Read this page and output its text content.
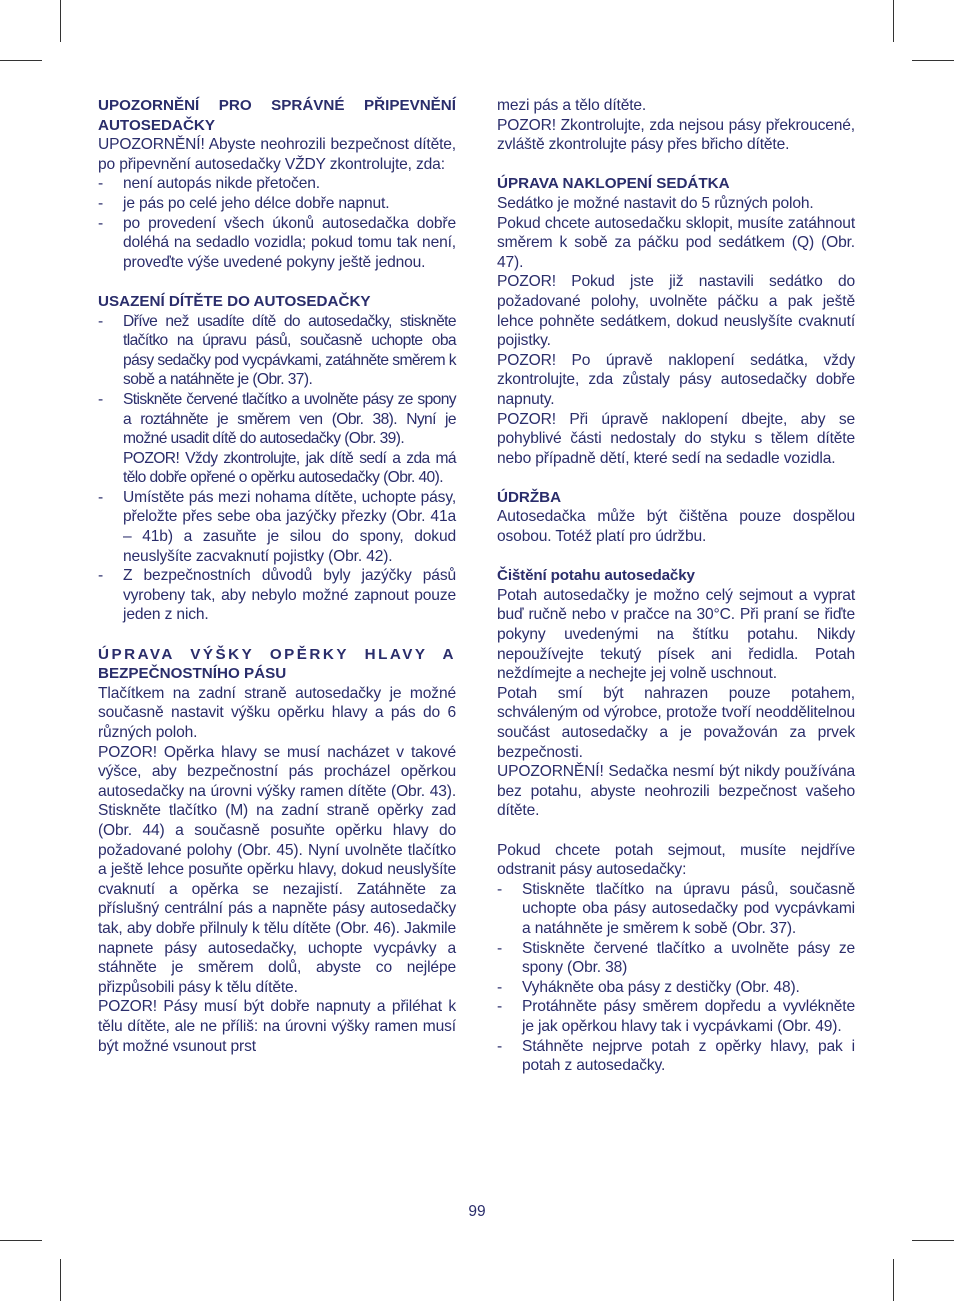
UPOZORNĚNÍ PRO SPRÁVNÉ PŘIPEVNĚNÍ AUTOSEDAČKY

UPOZORNĚNÍ! Abyste neohrozili bezpečnost dítěte, po připevnění autosedačky VŽDY zkontrolujte, zda:

- není autopás nikde přetočen.
- je pás po celé jeho délce dobře napnut.
- po provedení všech úkonů autosedačka dobře doléhá na sedadlo vozidla; pokud tomu tak není, proveďte výše uvedené pokyny ještě jednou.
USAZENÍ DÍTĚTE DO AUTOSEDAČKY
- Dříve než usadíte dítě do autosedačky, stiskněte tlačítko na úpravu pásů, současně uchopte oba pásy sedačky pod vycpávkami, zatáhněte směrem k sobě a natáhněte je (Obr. 37).
- Stiskněte červené tlačítko a uvolněte pásy ze spony a roztáhněte je směrem ven (Obr. 38). Nyní je možné usadit dítě do autosedačky (Obr. 39).
POZOR! Vždy zkontrolujte, jak dítě sedí a zda má tělo dobře opřené o opěrku autosedačky (Obr. 40).
- Umístěte pás mezi nohama dítěte, uchopte pásy, přeložte přes sebe oba jazýčky přezky (Obr. 41a – 41b) a zasuňte je silou do spony, dokud neuslyšíte zacvaknutí pojistky (Obr. 42).
- Z bezpečnostních důvodů byly jazýčky pásů vyrobeny tak, aby nebylo možné zapnout pouze jeden z nich.
ÚPRAVA VÝŠKY OPĚRKY HLAVY A
BEZPEČNOSTNÍHO PÁSU

Tlačítkem na zadní straně autosedačky je možné současně nastavit výšku opěrku hlavy a pás do 6 různých poloh.

POZOR! Opěrka hlavy se musí nacházet v takové výšce, aby bezpečnostní pás procházel opěrkou autosedačky na úrovni výšky ramen dítěte (Obr. 43). Stiskněte tlačítko (M) na zadní straně opěrky zad (Obr. 44) a současně posuňte opěrku hlavy do požadované polohy (Obr. 45). Nyní uvolněte tlačítko a ještě lehce posuňte opěrku hlavy, dokud neuslyšíte cvaknutí a opěrka se nezajistí. Zatáhněte za příslušný centrální pás a napněte pásy autosedačky tak, aby dobře přilnuly k tělu dítěte (Obr. 46). Jakmile napnete pásy autosedačky, uchopte vycpávky a stáhněte je směrem dolů, abyste co nejlépe přizpůsobili pásy k tělu dítěte.

POZOR! Pásy musí být dobře napnuty a přiléhat k tělu dítěte, ale ne příliš: na úrovni výšky ramen musí být možné vsunout prst

mezi pás a tělo dítěte.

POZOR! Zkontrolujte, zda nejsou pásy překroucené, zvláště zkontrolujte pásy přes břicho dítěte.

ÚPRAVA NAKLOPENÍ SEDÁTKA

Sedátko je možné nastavit do 5 různých poloh.

Pokud chcete autosedačku sklopit, musíte zatáhnout směrem k sobě za páčku pod sedátkem (Q) (Obr. 47).

POZOR! Pokud jste již nastavili sedátko do požadované polohy, uvolněte páčku a pak ještě lehce pohněte sedátkem, dokud neuslyšíte cvaknutí pojistky.

POZOR! Po úpravě naklopení sedátka, vždy zkontrolujte, zda zůstaly pásy autosedačky dobře napnuty.

POZOR! Při úpravě naklopení dbejte, aby se pohyblivé části nedostaly do styku s tělem dítěte nebo případně dětí, které sedí na sedadle vozidla.

ÚDRŽBA

Autosedačka může být čištěna pouze dospělou osobou. Totéž platí pro údržbu.

Čištění potahu autosedačky

Potah autosedačky je možno celý sejmout a vyprat buď ručně nebo v pračce na 30°C. Při praní se řiďte pokyny uvedenými na štítku potahu. Nikdy nepoužívejte tekutý písek ani ředidla. Potah neždímejte a nechejte jej volně uschnout.

Potah smí být nahrazen pouze potahem, schváleným od výrobce, protože tvoří neoddělitelnou součást autosedačky a je považován za prvek bezpečnosti.

UPOZORNĚNÍ! Sedačka nesmí být nikdy používána bez potahu, abyste neohrozili bezpečnost vašeho dítěte.

Pokud chcete potah sejmout, musíte nejdříve odstranit pásy autosedačky:

- Stiskněte tlačítko na úpravu pásů, současně uchopte oba pásy autosedačky pod vycpávkami a natáhněte je směrem k sobě (Obr. 37).
- Stiskněte červené tlačítko a uvolněte pásy ze spony (Obr. 38)
- Vyhákněte oba pásy z destičky (Obr. 48).
- Protáhněte pásy směrem dopředu a vyvlékněte je jak opěrkou hlavy tak i vycpávkami (Obr. 49).
- Stáhněte nejprve potah z opěrky hlavy, pak i potah z autosedačky.
99
